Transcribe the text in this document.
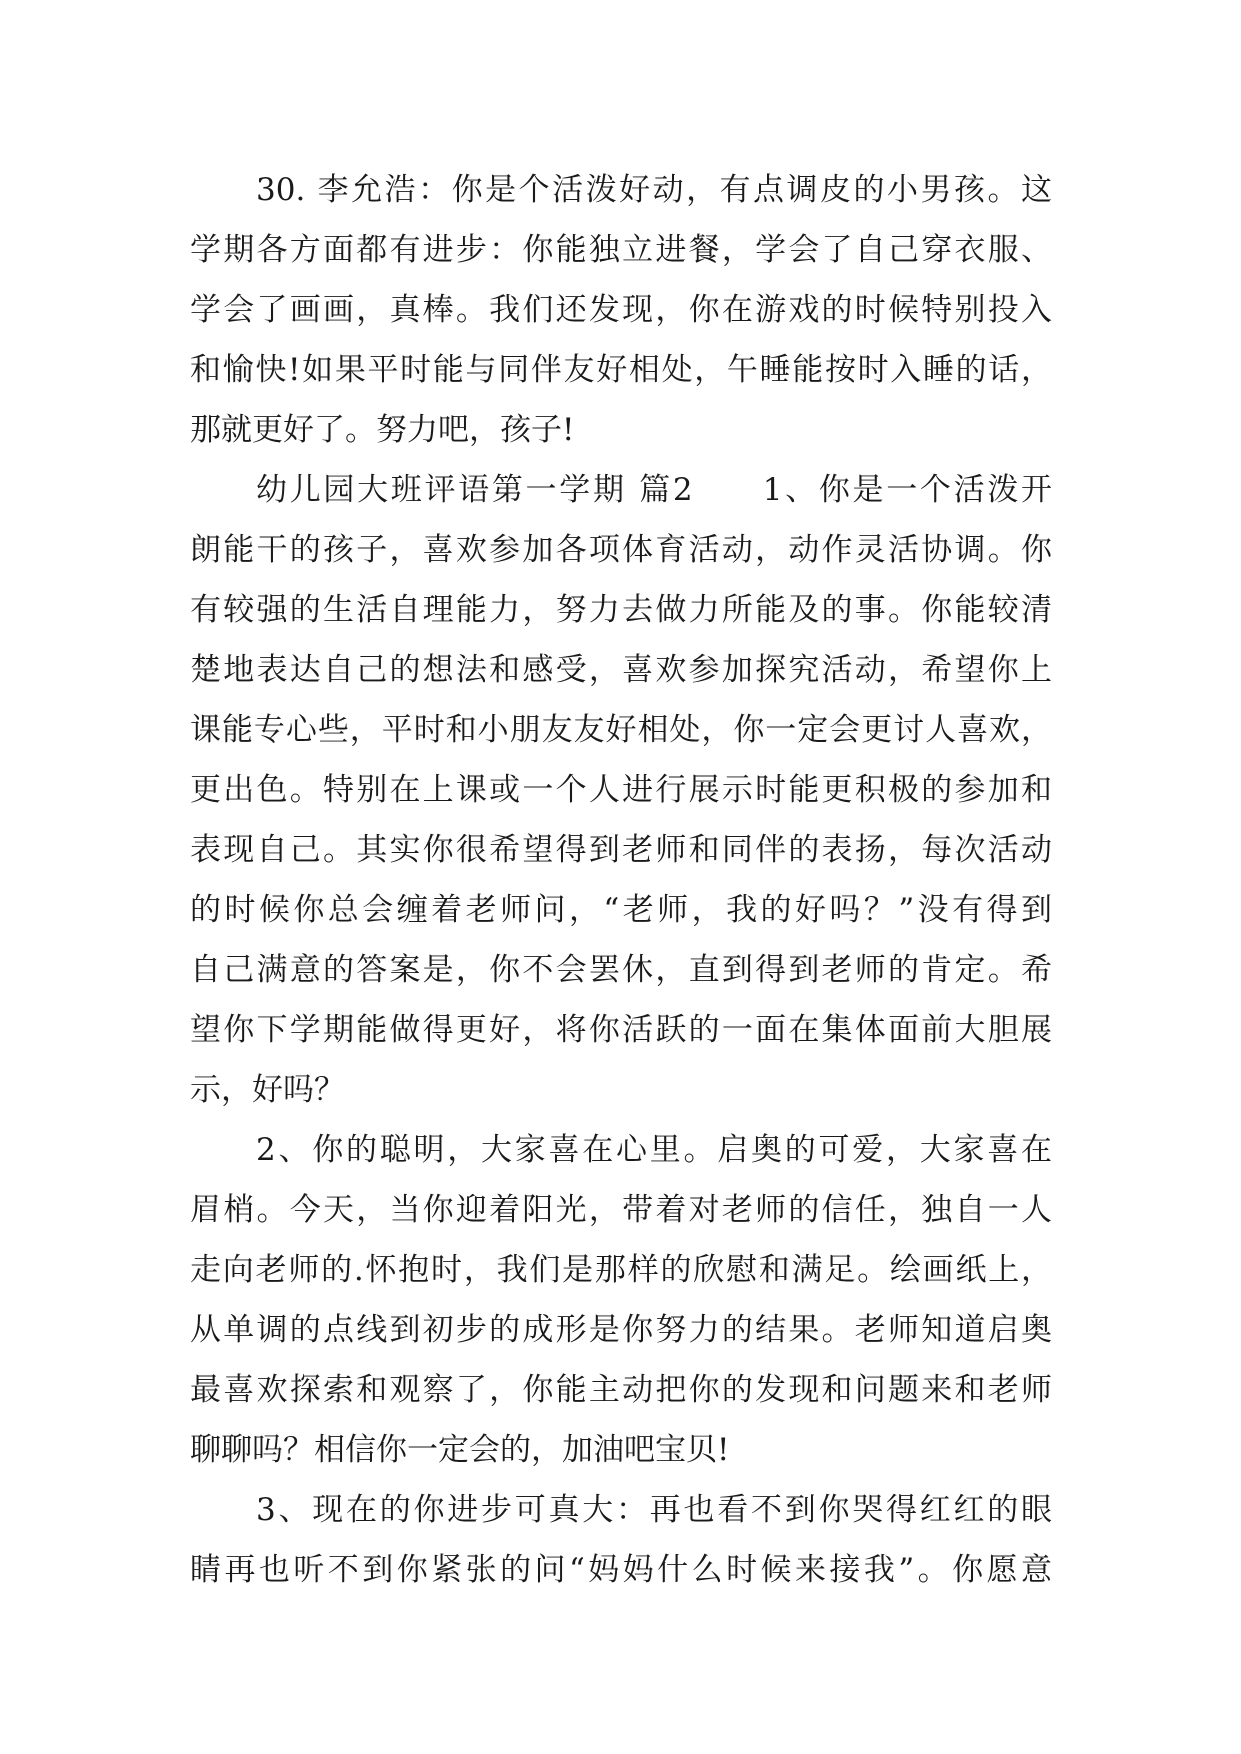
30. 李允浩：你是个活泼好动，有点调皮的小男孩。这
学期各方面都有进步：你能独立进餐，学会了自己穿衣服、
学会了画画，真棒。我们还发现，你在游戏的时候特别投入
和愉快!如果平时能与同伴友好相处，午睡能按时入睡的话，
那就更好了。努力吧，孩子!
幼儿园大班评语第一学期 篇2　　1、你是一个活泼开
朗能干的孩子，喜欢参加各项体育活动，动作灵活协调。你
有较强的生活自理能力，努力去做力所能及的事。你能较清
楚地表达自己的想法和感受，喜欢参加探究活动，希望你上
课能专心些，平时和小朋友友好相处，你一定会更讨人喜欢，
更出色。特别在上课或一个人进行展示时能更积极的参加和
表现自己。其实你很希望得到老师和同伴的表扬，每次活动
的时候你总会缠着老师问，“老师，我的好吗？”没有得到
自己满意的答案是，你不会罢休，直到得到老师的肯定。希
望你下学期能做得更好，将你活跃的一面在集体面前大胆展
示，好吗？
2、你的聪明，大家喜在心里。启奥的可爱，大家喜在
眉梢。今天，当你迎着阳光，带着对老师的信任，独自一人
走向老师的.怀抱时，我们是那样的欣慰和满足。绘画纸上，
从单调的点线到初步的成形是你努力的结果。老师知道启奥
最喜欢探索和观察了，你能主动把你的发现和问题来和老师
聊聊吗？相信你一定会的，加油吧宝贝!
3、现在的你进步可真大：再也看不到你哭得红红的眼
睛再也听不到你紧张的问“妈妈什么时候来接我”。你愿意
